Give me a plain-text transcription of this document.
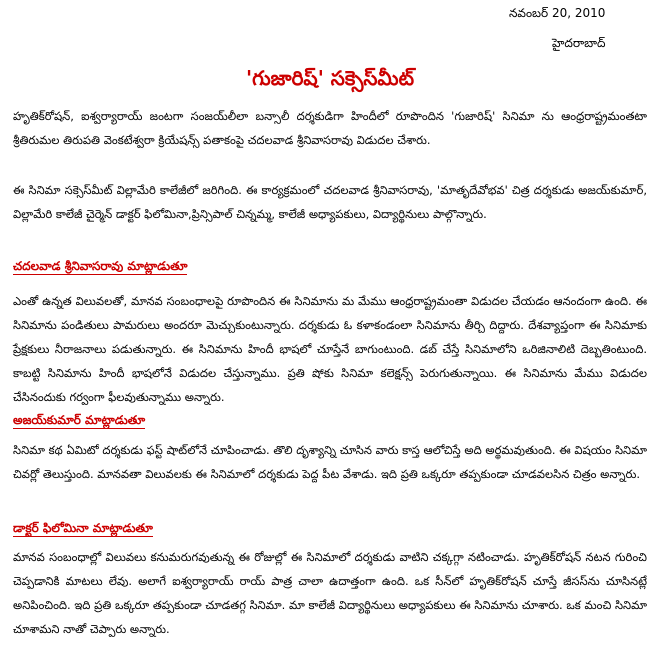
నవంబర్ 20, 2010
హైదరాబాద్
'గుజారిష్' సక్సెస్‌మీట్

హృతిక్‌రోషన్, ఐశ్వర్యారాయ్ జంటగా సంజయ్‌లీలా బన్సాలీ దర్శకుడిగా హిందీలో రూపొందిన 'గుజారిష్' సినిమా ను ఆంధ్రరాష్ట్రమంతటా శ్రీతిరుమల తిరుపతి వెంకటేశ్వరా క్రియేషన్స్ పతాకంపై చదలవాడ శ్రీనివాసరావు విడుదల చేశారు.

ఈ సినిమా సక్సెస్‌మీట్ విల్లామేరి కాలేజీలో జరిగింది. ఈ కార్యక్రమంలో చదలవాడ శ్రీనివాసరావు, 'మాతృదేవోభవ' చిత్ర దర్శకుడు అజయ్‌కుమార్, విల్లామేరి కాలేజీ చైర్మెన్ డాక్టర్ ఫిలోమినా,ప్రిన్సిపాల్ చిన్నమ్మ, కాలేజీ అధ్యాపకులు, విద్యార్థినులు పాల్గొన్నారు.

చదలవాడ శ్రీనివాసరావు మాట్లాడుతూ

ఎంతో ఉన్నత విలువలతో, మానవ సంబంధాలపై రూపొందిన ఈ సినిమాను మ మేము ఆంధ్రరాష్ట్రమంతా విడుదల చేయడం ఆనందంగా ఉంది. ఈ సినిమాను పండితులు పామరులు అందరూ మెచ్చుకుంటున్నారు. దర్శకుడు ఓ కళాకండంలా సినిమాను తీర్చి దిద్దారు. దేశవ్యాప్తంగా ఈ సినిమాకు ప్రేక్షకులు నీరాజనాలు పడుతున్నారు. ఈ సినిమాను హిందీ భాషలో చూస్తేనే బాగుంటుంది. డబ్ చేస్తే సినిమాలోని ఒరిజినాలిటి దెబ్బతింటుంది. కాబట్టి సినిమాను హిందీ భాషలోనే విడుదల చేస్తున్నాము. ప్రతి షోకు సినిమా కలెక్షన్స్ పెరుగుతున్నాయి. ఈ సినిమాను మేము విడుదల చేసినందుకు గర్వంగా ఫీలవుతున్నాము అన్నారు.

అజయ్‌కుమార్ మాట్లాడుతూ

సినిమా కథ ఏమిటో దర్శకుడు ఫస్ట్ షాట్‌లోనే చూపించాడు. తొలి దృశ్యాన్ని చూసిన వారు కాస్త ఆలోచిస్తే అది అర్థమవుతుంది. ఈ విషయం సినిమా చివర్లో తెలుస్తుంది. మానవతా విలువలకు ఈ సినిమాలో దర్శకుడు పెద్ద పీట వేశాడు. ఇది ప్రతి ఒక్కరూ తప్పకుండా చూడవలసిన చిత్రం అన్నారు.

డాక్టర్ ఫిలోమినా మాట్లాడుతూ

మానవ సంబంధాల్లో విలువలు కనుమరుగవుతున్న ఈ రోజుల్లో ఈ సినిమాలో దర్శకుడు వాటిని చక్కగ్గా నటించాడు. హృతిక్‌రోషన్ నటన గురించి చెప్పడానికి మాటలు లేవు. అలాగే ఐశ్వర్యారాయ్ రాయ్ పాత్ర చాలా ఉదాత్తంగా ఉంది. ఒక సీన్‌లో హృతిక్‌రోషన్ చూస్తే జీసస్‌ను చూసినట్లే అనిపించింది. ఇది ప్రతి ఒక్కరూ తప్పకుండా చూడతగ్గ సినిమా. మా కాలేజీ విద్యార్థినులు అధ్యాపకులు ఈ సినిమాను చూశారు. ఒక మంచి సినిమా చూశామని నాతో చెప్పారు అన్నారు.
